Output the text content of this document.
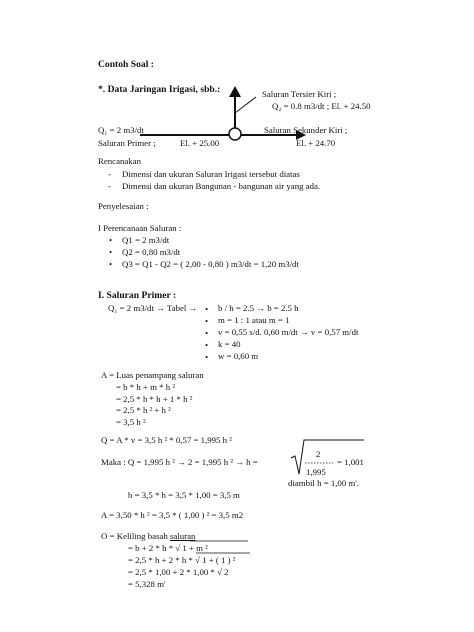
Contoh Soal :
*. Data Jaringan Irigasi, sbb.:	Saluran Tersier Kiri ;
Q₂ = 0.8 m3/dt ; El. + 24.50
Q₁ = 2 m3/dt
Saluran Primer ;	El. + 25.00
Saluran Sekunder Kiri ;
El. + 24.70
Rencanakan
- Dimensi dan ukuran Saluran Irigasi tersebut diatas
- Dimensi dan ukuran Bangunan - bangunan air yang ada.
Penyelesaian :
I Perencanaan Saluran :
• Q1 = 2 m3/dt
• Q2 = 0,80 m3/dt
• Q3 = Q1 - Q2 = ( 2,00 - 0,80 ) m3/dt = 1,20 m3/dt
I. Saluran Primer :
Q₁ = 2 m3/dt → Tabel → • b / h = 2.5 → b = 2.5 h
• m = 1 : 1 atau m = 1
• v = 0,55 s/d. 0,60 m/dt → v = 0,57 m/dt
• k = 40
• w = 0,60 m
A = Luas penampang saluran
= b * h + m * h ²
= 2,5 * h * h + 1 * h ²
= 2,5 * h ² + h ²
= 3,5 h ²
Q = A * v = 3,5 h ² * 0,57 = 1,995 h ²
Maka : Q = 1,995 h ² → 2 = 1,995 h ² → h =
2
1,995
= 1,001
diambil h = 1,00 m'.
b = 3,5 * h = 3,5 * 1,00 = 3,5 m
A = 3,50 * h ² = 3,5 * ( 1,00 ) ² = 3,5 m2
O = Keliling basah saluran
= b + 2 * h * √ 1 + m ²
= 2,5 * h + 2 * h * √ 1 + ( 1 ) ²
= 2,5 * 1,00 + 2 * 1,00 * √ 2
= 5,328 m'
